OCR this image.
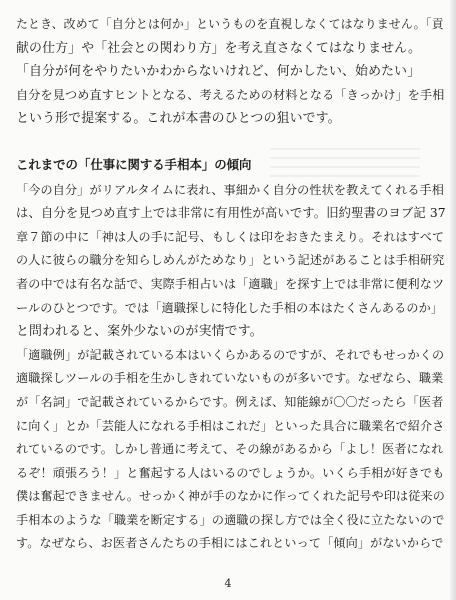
たとき、改めて「自分とは何か」というものを直視しなくてはなりません。「貢
献の仕方」や「社会との関わり方」を考え直さなくてはなりません。
「自分が何をやりたいかわからないけれど、何かしたい、始めたい」
自分を見つめ直すヒントとなる、考えるための材料となる「きっかけ」を手相
という形で提案する。これが本書のひとつの狙いです。
これまでの「仕事に関する手相本」の傾向
「今の自分」がリアルタイムに表れ、事細かく自分の性状を教えてくれる手相
は、自分を見つめ直す上では非常に有用性が高いです。旧約聖書のヨブ記 37
章７節の中に「神は人の手に記号、もしくは印をおきたまえり。それはすべて
の人に彼らの職分を知らしめんがためなり」という記述があることは手相研究
者の中では有名な話で、実際手相占いは「適職」を探す上では非常に便利なツ
ールのひとつです。では「適職探しに特化した手相の本はたくさんあるのか」
と問われると、案外少ないのが実情です。
「適職例」が記載されている本はいくらかあるのですが、それでもせっかくの
適職探しツールの手相を生かしきれていないものが多いです。なぜなら、職業
が「名詞」で記載されているからです。例えば、知能線が〇〇だったら「医者
に向く」とか「芸能人になれる手相はこれだ」といった具合に職業名で紹介さ
れているのです。しかし普通に考えて、その線があるから「よし！医者になれ
るぞ！頑張ろう！」と奮起する人はいるのでしょうか。いくら手相が好きでも
僕は奮起できません。せっかく神が手のなかに作ってくれた記号や印は従来の
手相本のような「職業を断定する」の適職の探し方では全く役に立たないので
す。なぜなら、お医者さんたちの手相にはこれといって「傾向」がないからで
4
